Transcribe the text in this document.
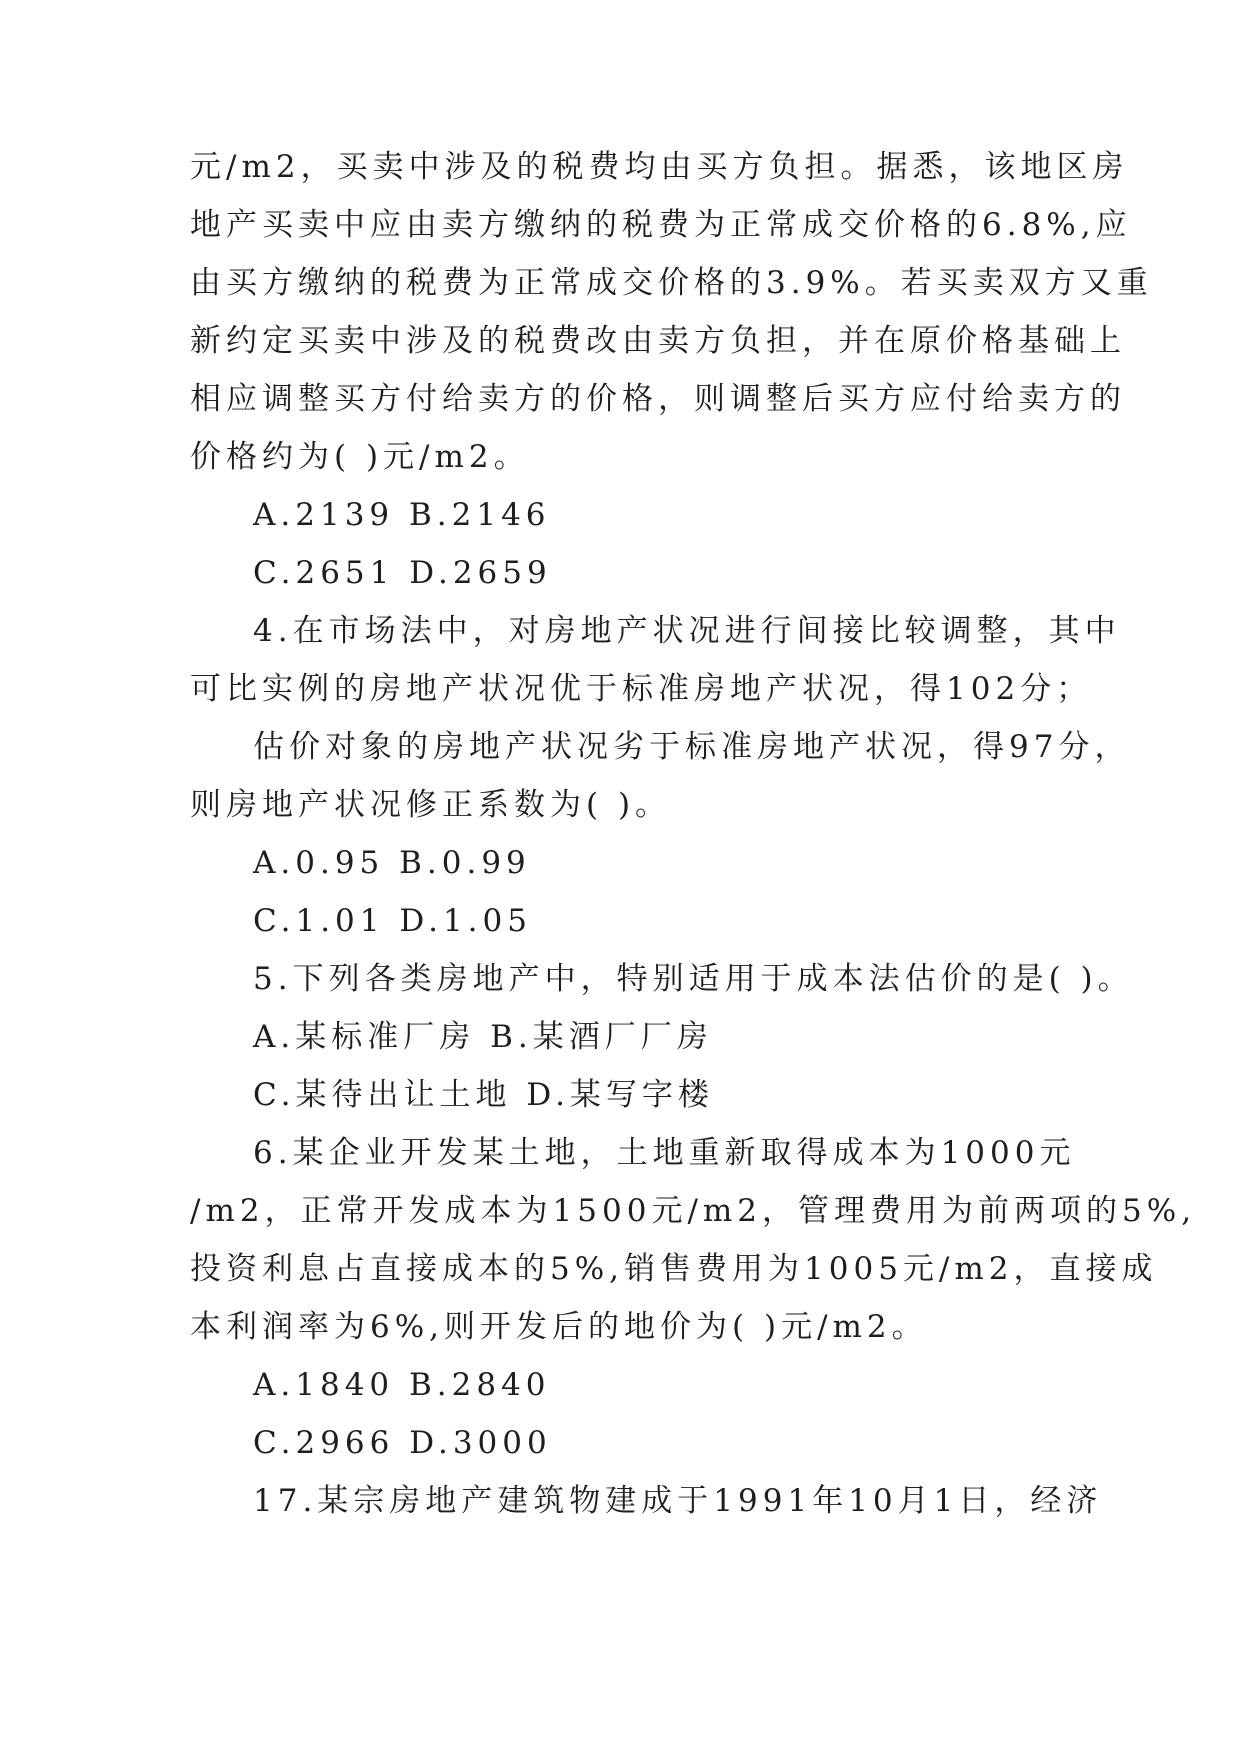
元/m2，买卖中涉及的税费均由买方负担。据悉，该地区房
地产买卖中应由卖方缴纳的税费为正常成交价格的6.8%,应
由买方缴纳的税费为正常成交价格的3.9%。若买卖双方又重
新约定买卖中涉及的税费改由卖方负担，并在原价格基础上
相应调整买方付给卖方的价格，则调整后买方应付给卖方的
价格约为( )元/m2。
A.2139 B.2146
C.2651 D.2659
4.在市场法中，对房地产状况进行间接比较调整，其中
可比实例的房地产状况优于标准房地产状况，得102分；
估价对象的房地产状况劣于标准房地产状况，得97分，
则房地产状况修正系数为( )。
A.0.95 B.0.99
C.1.01 D.1.05
5.下列各类房地产中，特别适用于成本法估价的是( )。
A.某标准厂房 B.某酒厂厂房
C.某待出让土地 D.某写字楼
6.某企业开发某土地，土地重新取得成本为1000元
/m2，正常开发成本为1500元/m2，管理费用为前两项的5%,
投资利息占直接成本的5%,销售费用为1005元/m2，直接成
本利润率为6%,则开发后的地价为( )元/m2。
A.1840 B.2840
C.2966 D.3000
17.某宗房地产建筑物建成于1991年10月1日，经济
